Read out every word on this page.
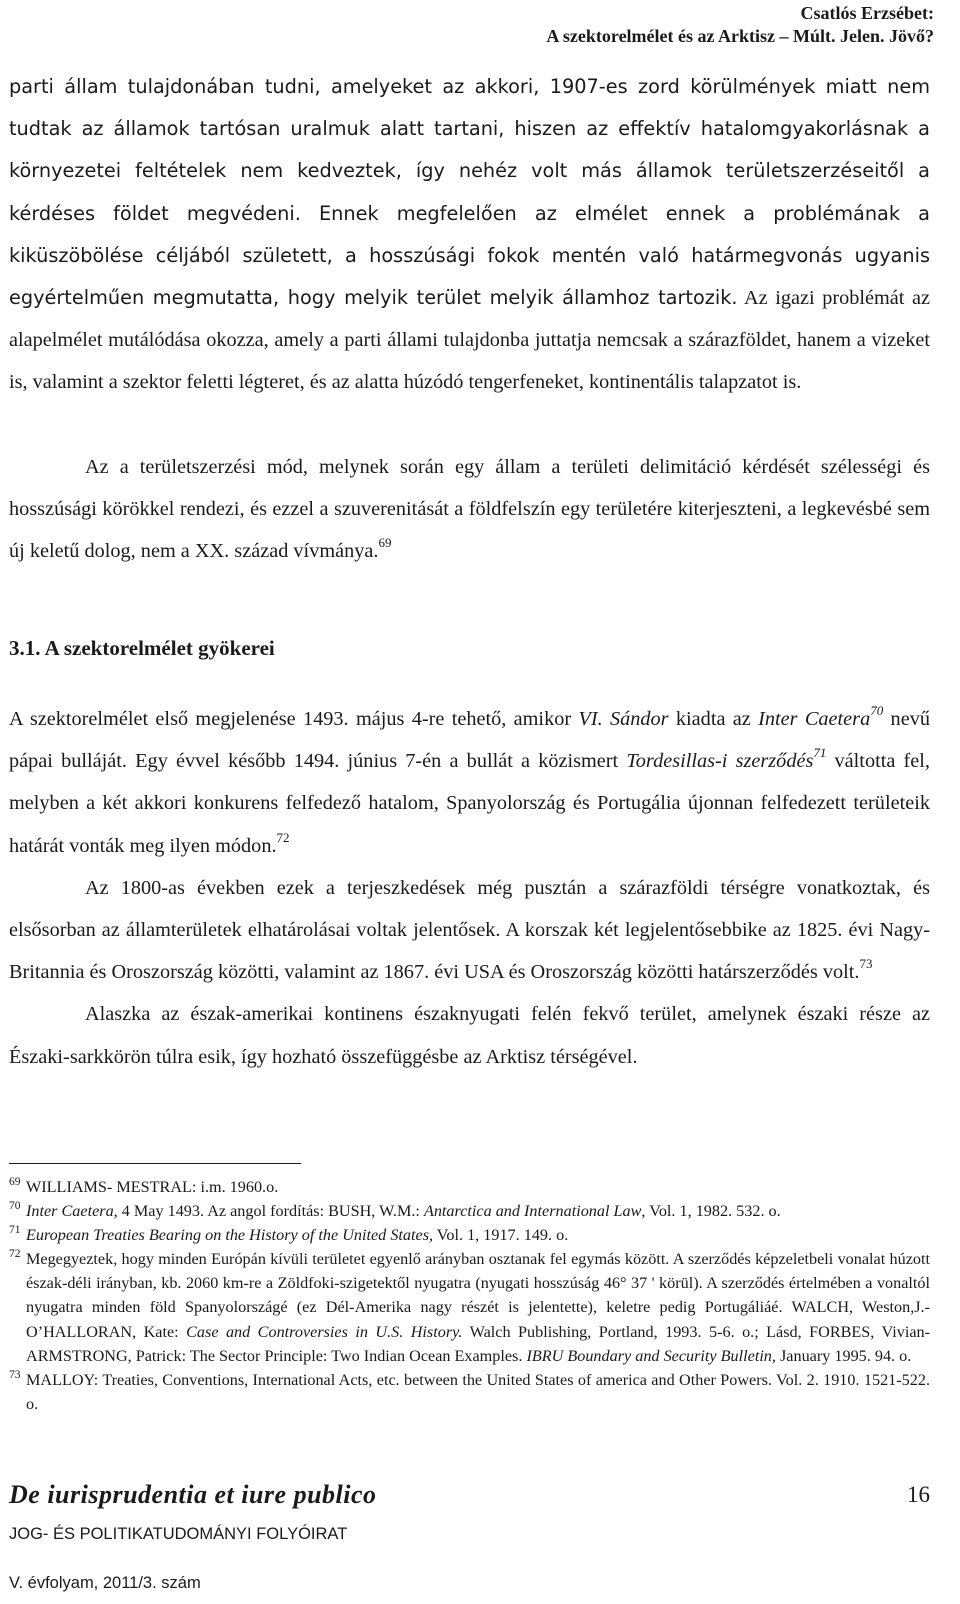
Csatlós Erzsébet:
A szektorelmélet és az Arktisz – Múlt. Jelen. Jövő?

parti állam tulajdonában tudni, amelyeket az akkori, 1907-es zord körülmények miatt nem tudtak az államok tartósan uralmuk alatt tartani, hiszen az effektív hatalomgyakorlásnak a környezetei feltételek nem kedveztek, így nehéz volt más államok területszerzéseitől a kérdéses földet megvédeni. Ennek megfelelően az elmélet ennek a problémának a kiküszöbölése céljából született, a hosszúsági fokok mentén való határmegvonás ugyanis egyértelműen megmutatta, hogy melyik terület melyik államhoz tartozik. Az igazi problémát az alapelmélet mutálódása okozza, amely a parti állami tulajdonba juttatja nemcsak a szárazföldet, hanem a vizeket is, valamint a szektor feletti légteret, és az alatta húzódó tengerfeneket, kontinentális talapzatot is.

Az a területszerzési mód, melynek során egy állam a területi delimitáció kérdését szélességi és hosszúsági körökkel rendezi, és ezzel a szuverenitását a földfelszín egy területére kiterjeszteni, a legkevésbé sem új keletű dolog, nem a XX. század vívmánya.$^{69}$

3.1. A szektorelmélet gyökerei

A szektorelmélet első megjelenése 1493. május 4-re tehető, amikor VI. Sándor kiadta az Inter Caetera$^{70}$ nevű pápai bulláját. Egy évvel később 1494. június 7-én a bullát a közismert Tordesillas-i szerződés$^{71}$ váltotta fel, melyben a két akkori konkurens felfedező hatalom, Spanyolország és Portugália újonnan felfedezett területeik határát vonták meg ilyen módon.$^{72}$

Az 1800-as években ezek a terjeszkedések még pusztán a szárazföldi térségre vonatkoztak, és elsősorban az államterületek elhatárolásai voltak jelentősek. A korszak két legjelentősebbike az 1825. évi Nagy-Britannia és Oroszország közötti, valamint az 1867. évi USA és Oroszország közötti határszerződés volt.$^{73}$

Alaszka az észak-amerikai kontinens északnyugati felén fekvő terület, amelynek északi része az Északi-sarkkörön túlra esik, így hozható összefüggésbe az Arktisz térségével.

69 WILLIAMS- MESTRAL: i.m. 1960.o.
70 Inter Caetera, 4 May 1493. Az angol fordítás: BUSH, W.M.: Antarctica and International Law, Vol. 1, 1982. 532. o.
71 European Treaties Bearing on the History of the United States, Vol. 1, 1917. 149. o.
72 Megegyeztek, hogy minden Európán kívüli területet egyenlő arányban osztanak fel egymás között. A szerződés képzeletbeli vonalat húzott észak-déli irányban, kb. 2060 km-re a Zöldfoki-szigetektől nyugatra (nyugati hosszúság 46° 37 ' körül). A szerződés értelmében a vonaltól nyugatra minden föld Spanyolországé (ez Dél-Amerika nagy részét is jelentette), keletre pedig Portugáliáé. WALCH, Weston,J.-O’HALLORAN, Kate: Case and Controversies in U.S. History. Walch Publishing, Portland, 1993. 5-6. o.; Lásd, FORBES, Vivian-ARMSTRONG, Patrick: The Sector Principle: Two Indian Ocean Examples. IBRU Boundary and Security Bulletin, January 1995. 94. o.
73 MALLOY: Treaties, Conventions, International Acts, etc. between the United States of america and Other Powers. Vol. 2. 1910. 1521-522. o.
De iurisprudentia et iure publico	16
JOG- ÉS POLITIKATUDOMÁNYI FOLYÓIRAT
V. évfolyam, 2011/3. szám
